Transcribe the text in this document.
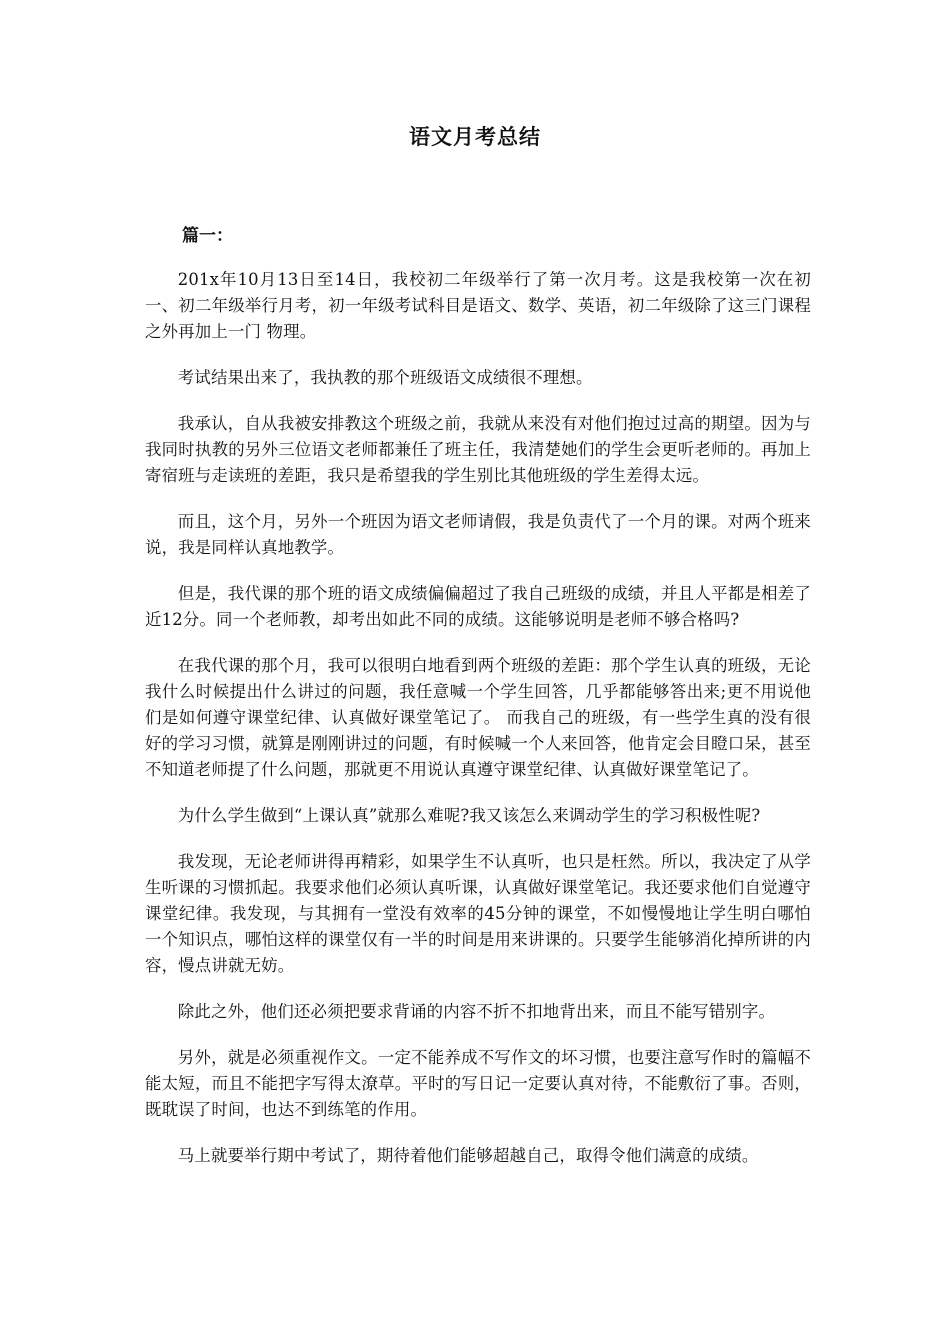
语文月考总结
篇一：

201x年10月13日至14日，我校初二年级举行了第一次月考。这是我校第一次在初一、初二年级举行月考，初一年级考试科目是语文、数学、英语，初二年级除了这三门课程之外再加上一门 物理。

考试结果出来了，我执教的那个班级语文成绩很不理想。

我承认，自从我被安排教这个班级之前，我就从来没有对他们抱过过高的期望。因为与我同时执教的另外三位语文老师都兼任了班主任，我清楚她们的学生会更听老师的。再加上寄宿班与走读班的差距，我只是希望我的学生别比其他班级的学生差得太远。

而且，这个月，另外一个班因为语文老师请假，我是负责代了一个月的课。对两个班来说，我是同样认真地教学。

但是，我代课的那个班的语文成绩偏偏超过了我自己班级的成绩，并且人平都是相差了近12分。同一个老师教，却考出如此不同的成绩。这能够说明是老师不够合格吗?

在我代课的那个月，我可以很明白地看到两个班级的差距：那个学生认真的班级，无论我什么时候提出什么讲过的问题，我任意喊一个学生回答，几乎都能够答出来;更不用说他们是如何遵守课堂纪律、认真做好课堂笔记了。 而我自己的班级，有一些学生真的没有很好的学习习惯，就算是刚刚讲过的问题，有时候喊一个人来回答，他肯定会目瞪口呆，甚至不知道老师提了什么问题，那就更不用说认真遵守课堂纪律、认真做好课堂笔记了。

为什么学生做到“上课认真”就那么难呢?我又该怎么来调动学生的学习积极性呢?

我发现，无论老师讲得再精彩，如果学生不认真听，也只是枉然。所以，我决定了从学生听课的习惯抓起。我要求他们必须认真听课，认真做好课堂笔记。我还要求他们自觉遵守课堂纪律。我发现，与其拥有一堂没有效率的45分钟的课堂，不如慢慢地让学生明白哪怕一个知识点，哪怕这样的课堂仅有一半的时间是用来讲课的。只要学生能够消化掉所讲的内容，慢点讲就无妨。

除此之外，他们还必须把要求背诵的内容不折不扣地背出来，而且不能写错别字。

另外，就是必须重视作文。一定不能养成不写作文的坏习惯，也要注意写作时的篇幅不能太短，而且不能把字写得太潦草。平时的写日记一定要认真对待，不能敷衍了事。否则，既耽误了时间，也达不到练笔的作用。

马上就要举行期中考试了，期待着他们能够超越自己，取得令他们满意的成绩。
